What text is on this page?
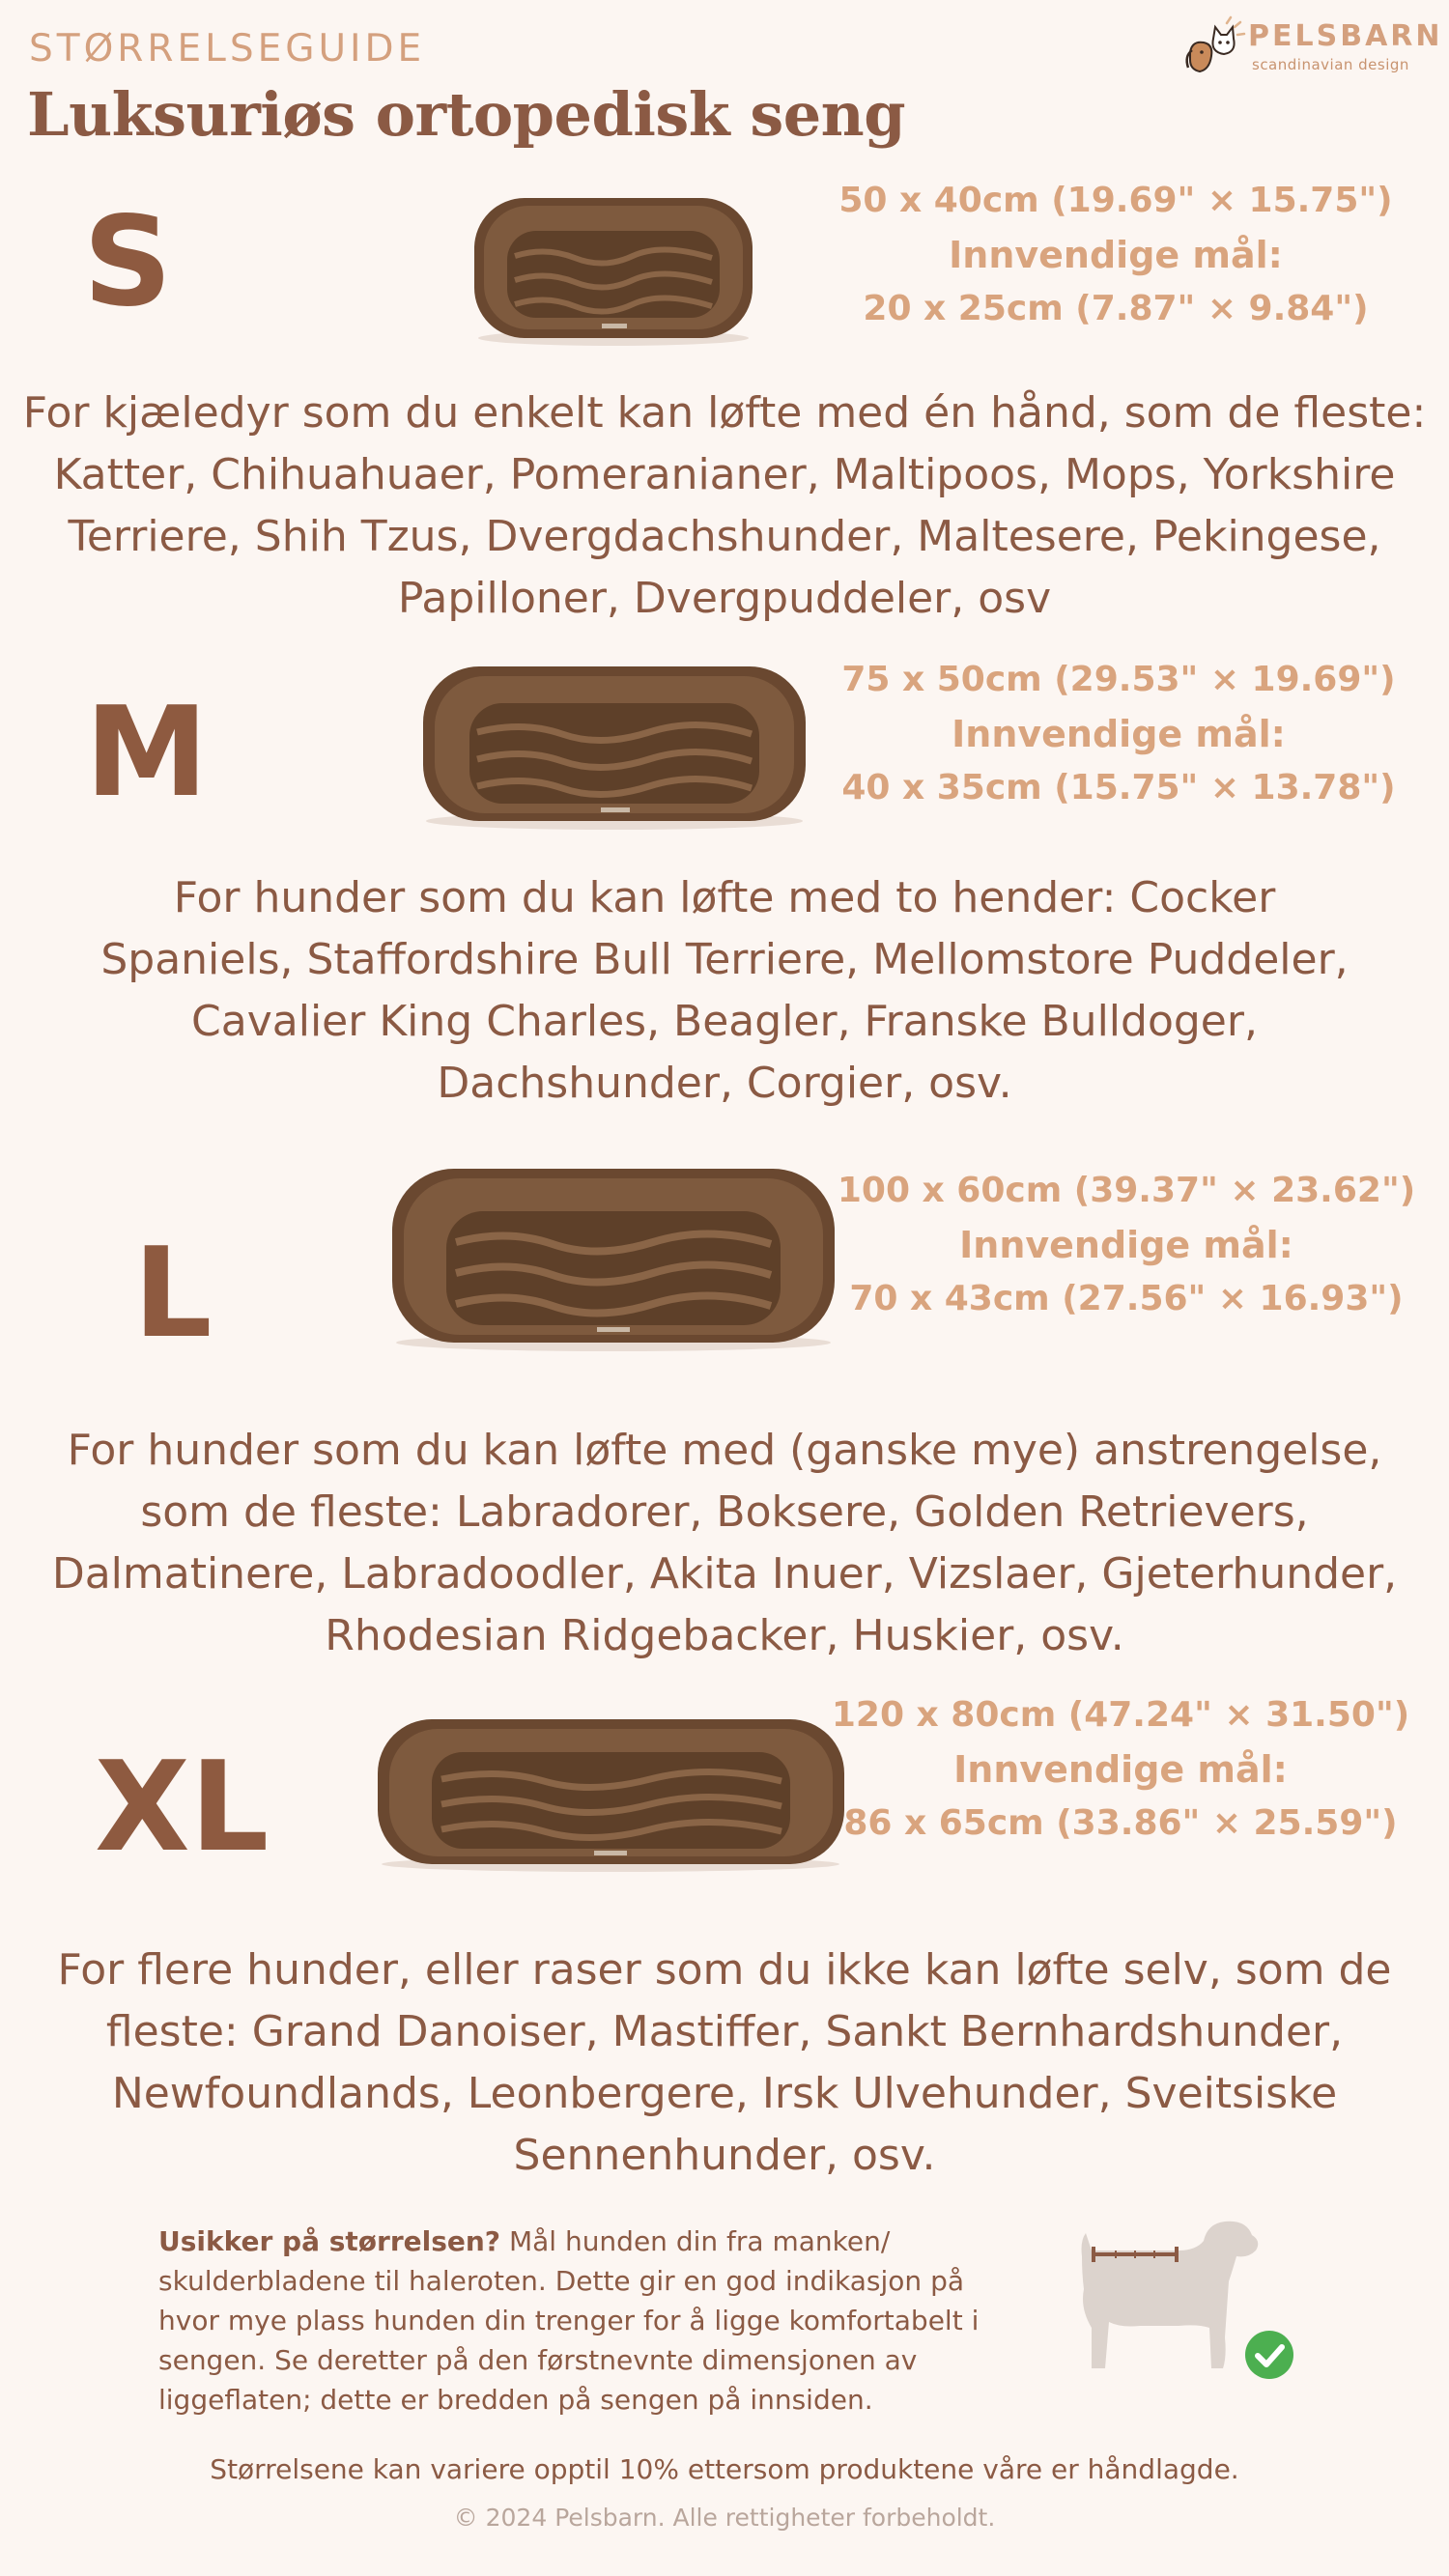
STØRRELSEGUIDE
Luksuriøs ortopedisk seng
PELSBARN
scandinavian design
S	50 x 40cm (19.69" × 15.75")
Innvendige mål:
20 x 25cm (7.87" × 9.84")
For kjæledyr som du enkelt kan løfte med én hånd, som de fleste: Katter, Chihuahuaer, Pomeranianer, Maltipoos, Mops, Yorkshire Terriere, Shih Tzus, Dvergdachshunder, Maltesere, Pekingese, Papilloner, Dvergpuddeler, osv
M
75 x 50cm (29.53" × 19.69")
Innvendige mål:
40 x 35cm (15.75" × 13.78")
For hunder som du kan løfte med to hender: Cocker Spaniels, Staffordshire Bull Terriere, Mellomstore Puddeler, Cavalier King Charles, Beagler, Franske Bulldoger, Dachshunder, Corgier, osv.
L
100 x 60cm (39.37" × 23.62")
Innvendige mål:
70 x 43cm (27.56" × 16.93")
For hunder som du kan løfte med (ganske mye) anstrengelse, som de fleste: Labradorer, Boksere, Golden Retrievers, Dalmatinere, Labradoodler, Akita Inuer, Vizslaer, Gjeterhunder, Rhodesian Ridgebacker, Huskier, osv.
XL
120 x 80cm (47.24" × 31.50")
Innvendige mål:
86 x 65cm (33.86" × 25.59")
For flere hunder, eller raser som du ikke kan løfte selv, som de fleste: Grand Danoiser, Mastiffer, Sankt Bernhardshunder, Newfoundlands, Leonbergere, Irsk Ulvehunder, Sveitsiske Sennenhunder, osv.
Usikker på størrelsen? Mål hunden din fra manken/ skulderbladene til haleroten. Dette gir en god indikasjon på hvor mye plass hunden din trenger for å ligge komfortabelt i sengen. Se deretter på den førstnevnte dimensjonen av liggeflaten; dette er bredden på sengen på innsiden.
Størrelsene kan variere opptil 10% ettersom produktene våre er håndlagde.
© 2024 Pelsbarn. Alle rettigheter forbeholdt.
